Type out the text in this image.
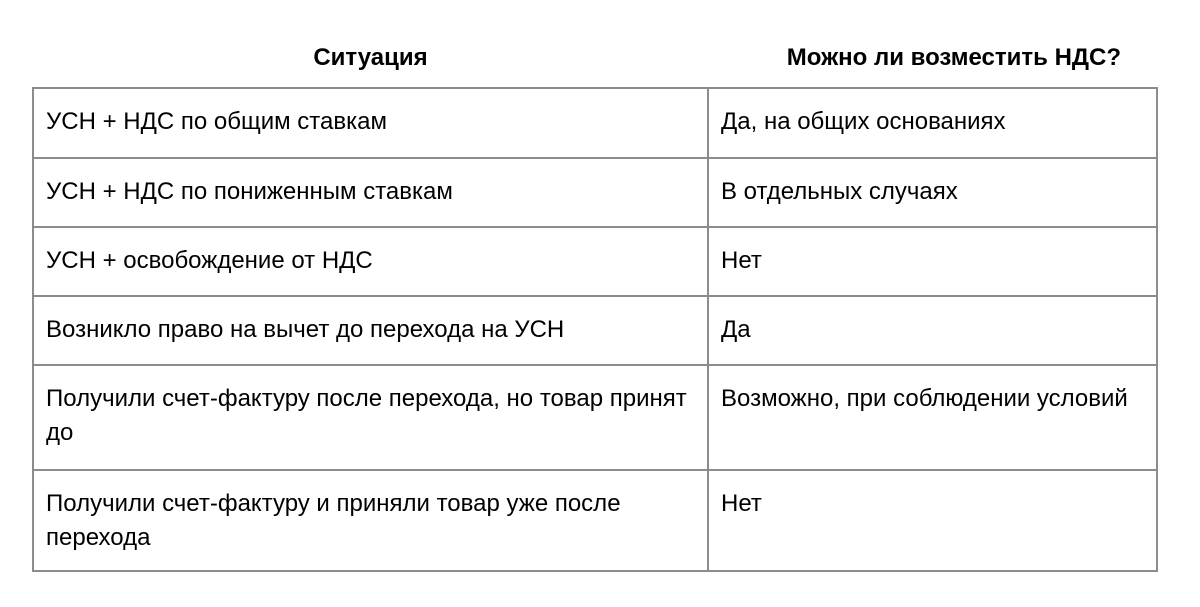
Ситуация	Можно ли возместить НДС?
УСН + НДС по общим ставкам	Да, на общих основаниях
УСН + НДС по пониженным ставкам	В отдельных случаях
УСН + освобождение от НДС	Нет
Возникло право на вычет до перехода на УСН	Да
Получили счет-фактуру после перехода, но товар принят до	Возможно, при соблюдении условий
Получили счет-фактуру и приняли товар уже после перехода	Нет
